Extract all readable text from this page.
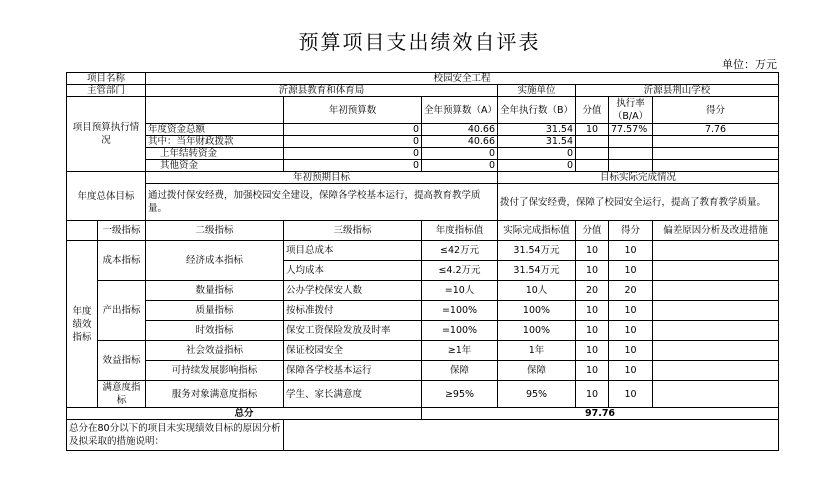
预算项目支出绩效自评表
单位：万元
项目名称		校园安全工程						
主管部门		沂源县教育和体育局			实施单位	沂源县荆山学校		
项目预算执行情况			年初预算数	全年预算数（A）	全年执行数（B）	分值	执行率（B/A）	得分
		年度资金总额	0	40.66	31.54	10	77.57%	7.76
		其中：当年财政拨款	0	40.66	31.54			
		上年结转资金	0	0	0			
		其他资金	0	0	0			
年度总体目标		年初预期目标			目标实际完成情况			
		通过拨付保安经费，加强校园安全建设，保障各学校基本运行，提高教育教学质量。			拨付了保安经费，保障了校园安全运行，提高了教育教学质量。			
	一级指标	二级指标	三级指标	年度指标值	实际完成指标值	分值	得分	偏差原因分析及改进措施
年度绩效指标	成本指标	经济成本指标	项目总成本	≤42万元	31.54万元	10	10	
			人均成本	≤4.2万元	31.54万元	10	10	
	产出指标	数量指标	公办学校保安人数	=10人	10人	20	20	
		质量指标	按标准拨付	=100%	100%	10	10	
		时效指标	保安工资保险发放及时率	=100%	100%	10	10	
	效益指标	社会效益指标	保证校园安全	≥1年	1年	10	10	
		可持续发展影响指标	保障各学校基本运行	保障	保障	10	10	
	满意度指标	服务对象满意度指标	学生、家长满意度	≥95%	95%	10	10	
总分				97.76				
总分在80分以下的项目未实现绩效目标的原因分析及拟采取的措施说明：								
